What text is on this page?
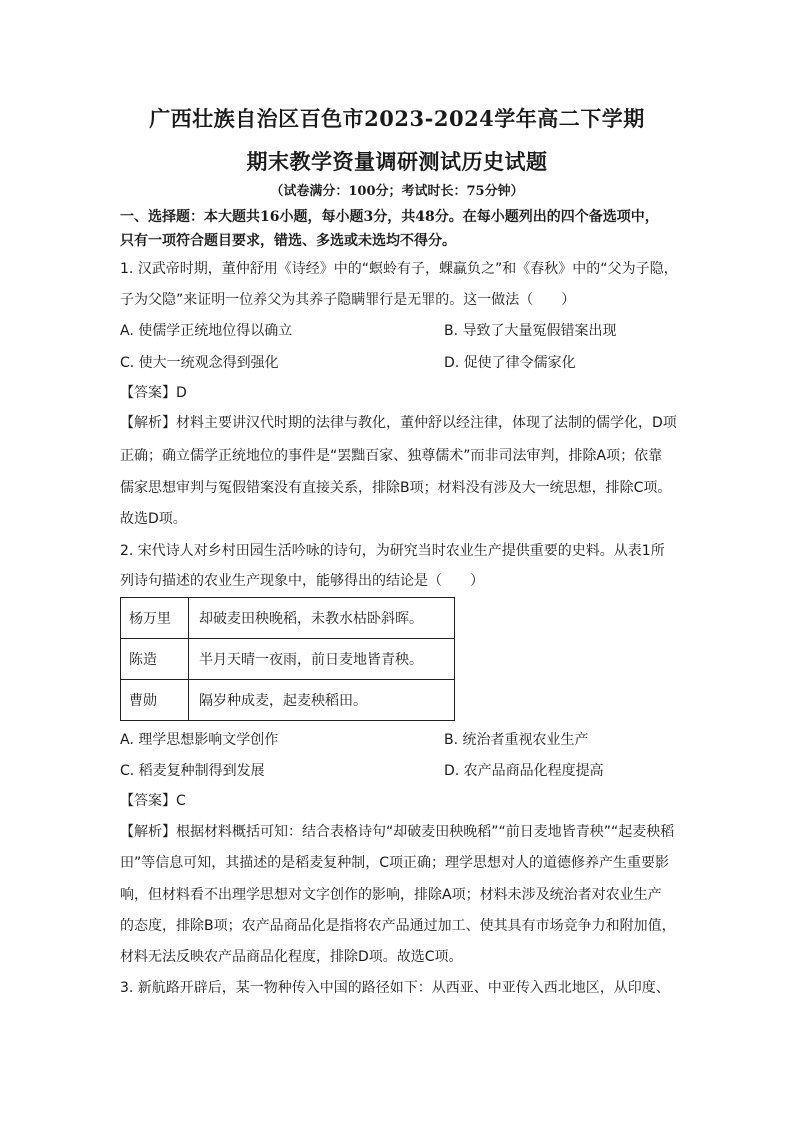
广西壮族自治区百色市2023-2024学年高二下学期
期末教学资量调研测试历史试题
（试卷满分：100分；考试时长：75分钟）
一、选择题：本大题共16小题，每小题3分，共48分。在每小题列出的四个备选项中，
只有一项符合题目要求，错选、多选或未选均不得分。
1. 汉武帝时期，董仲舒用《诗经》中的“螟蛉有子，蜾蠃负之”和《春秋》中的“父为子隐，
子为父隐”来证明一位养父为其养子隐瞒罪行是无罪的。这一做法（　　）
A. 使儒学正统地位得以确立	B. 导致了大量冤假错案出现
C. 使大一统观念得到强化	D. 促使了律令儒家化
【答案】D
【解析】材料主要讲汉代时期的法律与教化，董仲舒以经注律，体现了法制的儒学化，D项
正确；确立儒学正统地位的事件是“罢黜百家、独尊儒术”而非司法审判，排除A项；依靠
儒家思想审判与冤假错案没有直接关系，排除B项；材料没有涉及大一统思想，排除C项。
故选D项。
2. 宋代诗人对乡村田园生活吟咏的诗句，为研究当时农业生产提供重要的史料。从表1所
列诗句描述的农业生产现象中，能够得出的结论是（　　）
杨万里	却破麦田秧晚稻，未教水枯卧斜晖。
陈造	半月天晴一夜雨，前日麦地皆青秧。
曹勋	隔岁种成麦，起麦秧稻田。
A. 理学思想影响文学创作	B. 统治者重视农业生产
C. 稻麦复种制得到发展	D. 农产品商品化程度提高
【答案】C
【解析】根据材料概括可知：结合表格诗句“却破麦田秧晚稻”“前日麦地皆青秧”“起麦秧稻
田”等信息可知，其描述的是稻麦复种制，C项正确；理学思想对人的道德修养产生重要影
响，但材料看不出理学思想对文字创作的影响，排除A项；材料未涉及统治者对农业生产
的态度，排除B项；农产品商品化是指将农产品通过加工、使其具有市场竞争力和附加值，
材料无法反映农产品商品化程度，排除D项。故选C项。
3. 新航路开辟后，某一物种传入中国的路径如下：从西亚、中亚传入西北地区，从印度、
